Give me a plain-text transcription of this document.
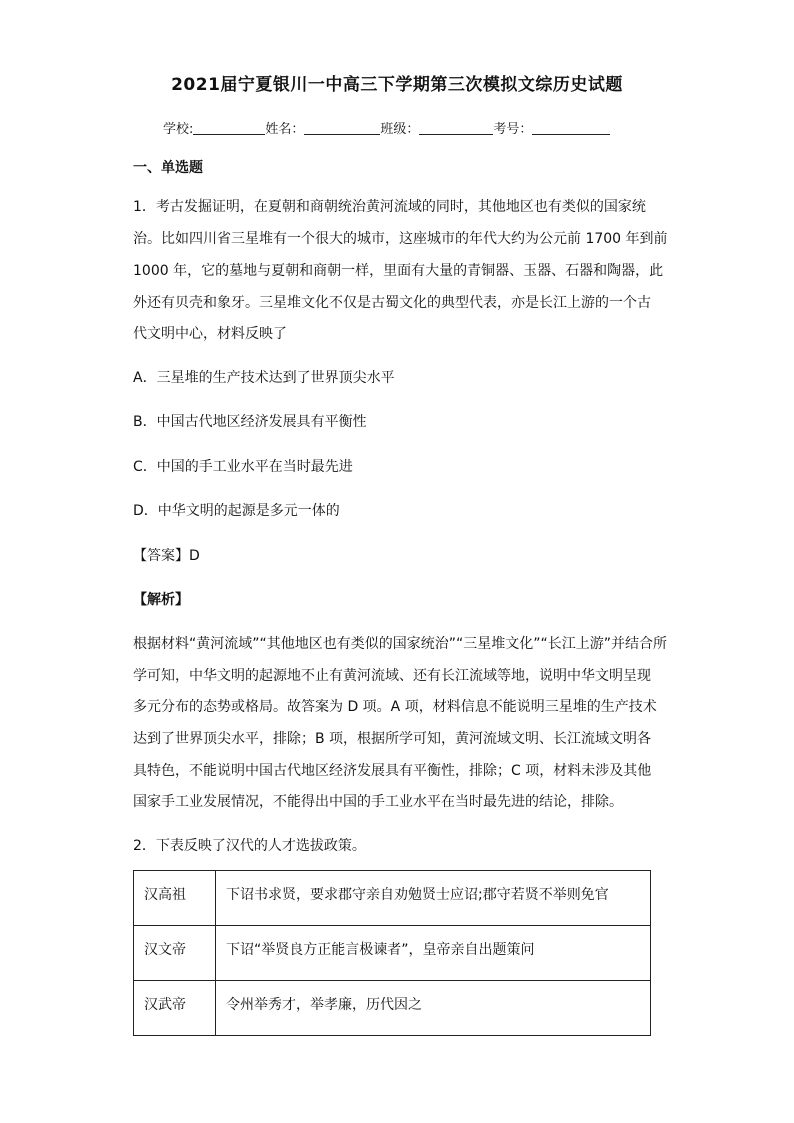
2021届宁夏银川一中高三下学期第三次模拟文综历史试题
学校:	姓名：	班级：	考号：
一、单选题
1．考古发掘证明，在夏朝和商朝统治黄河流域的同时，其他地区也有类似的国家统
治。比如四川省三星堆有一个很大的城市，这座城市的年代大约为公元前 1700 年到前
1000 年，它的墓地与夏朝和商朝一样，里面有大量的青铜器、玉器、石器和陶器，此
外还有贝壳和象牙。三星堆文化不仅是古蜀文化的典型代表，亦是长江上游的一个古
代文明中心，材料反映了
A．三星堆的生产技术达到了世界顶尖水平
B．中国古代地区经济发展具有平衡性
C．中国的手工业水平在当时最先进
D．中华文明的起源是多元一体的
【答案】D
【解析】
根据材料“黄河流域”“其他地区也有类似的国家统治”“三星堆文化”“长江上游”并结合所
学可知，中华文明的起源地不止有黄河流域、还有长江流域等地，说明中华文明呈现
多元分布的态势或格局。故答案为 D 项。A 项，材料信息不能说明三星堆的生产技术
达到了世界顶尖水平，排除；B 项，根据所学可知，黄河流域文明、长江流域文明各
具特色，不能说明中国古代地区经济发展具有平衡性，排除；C 项，材料未涉及其他
国家手工业发展情况，不能得出中国的手工业水平在当时最先进的结论，排除。
2．下表反映了汉代的人才选拔政策。
汉高祖	下诏书求贤，要求郡守亲自劝勉贤士应诏;郡守若贤不举则免官
汉文帝	下诏“举贤良方正能言极谏者”，皇帝亲自出题策问
汉武帝	令州举秀才，举孝廉，历代因之
